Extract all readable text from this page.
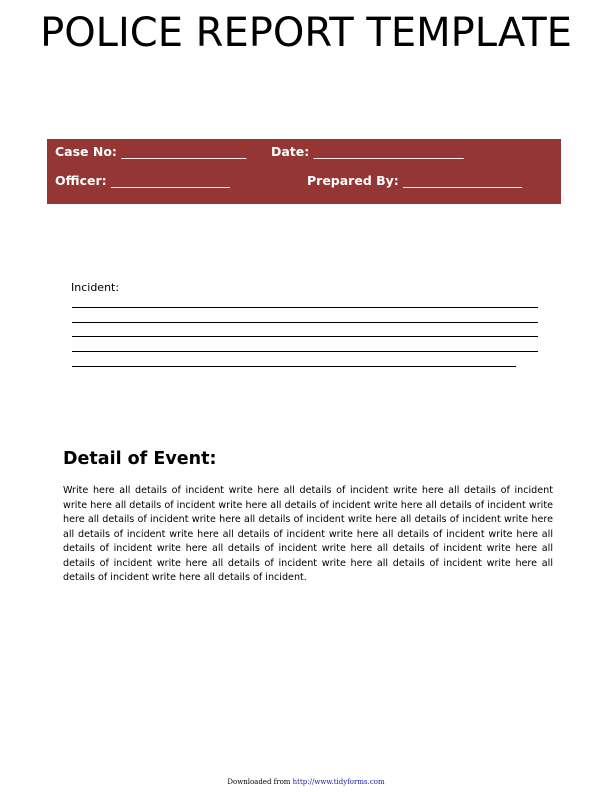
POLICE REPORT TEMPLATE
Case No: ____________________ Date: ________________________
Officer: ___________________	Prepared By: ___________________
Incident:
Detail of Event:
Write here all details of incident write here all details of incident write here all details of incident write here all details of incident write here all details of incident write here all details of incident write here all details of incident write here all details of incident write here all details of incident write here all details of incident write here all details of incident write here all details of incident write here all details of incident write here all details of incident write here all details of incident write here all details of incident write here all details of incident write here all details of incident write here all details of incident write here all details of incident.
Downloaded from http://www.tidyforms.com
